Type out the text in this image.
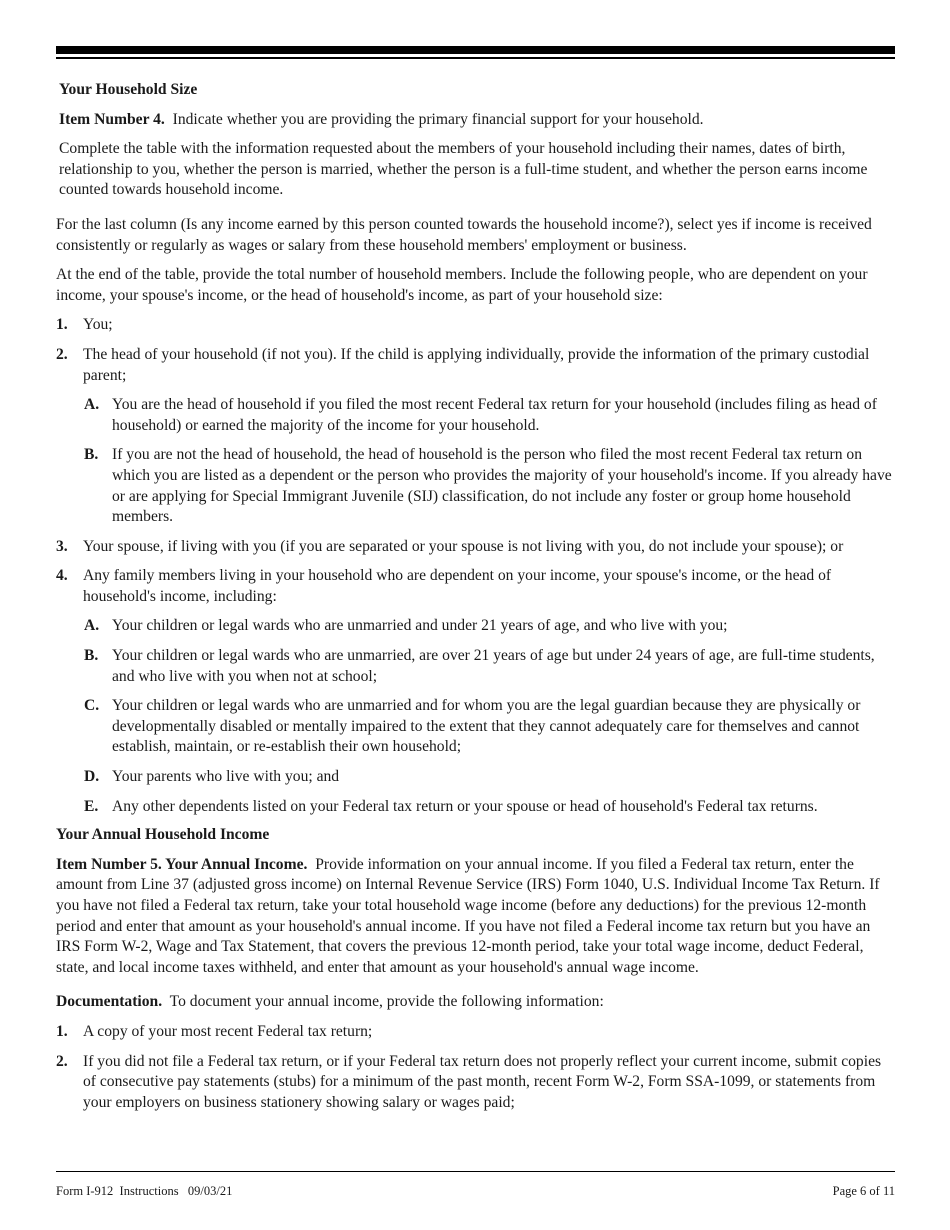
Your Household Size

Item Number 4. Indicate whether you are providing the primary financial support for your household.

Complete the table with the information requested about the members of your household including their names, dates of birth, relationship to you, whether the person is married, whether the person is a full-time student, and whether the person earns income counted towards household income.

For the last column (Is any income earned by this person counted towards the household income?), select yes if income is received consistently or regularly as wages or salary from these household members' employment or business.

At the end of the table, provide the total number of household members. Include the following people, who are dependent on your income, your spouse's income, or the head of household's income, as part of your household size:

1. You;
2. The head of your household (if not you). If the child is applying individually, provide the information of the primary custodial parent;
A. You are the head of household if you filed the most recent Federal tax return for your household (includes filing as head of household) or earned the majority of the income for your household.
B. If you are not the head of household, the head of household is the person who filed the most recent Federal tax return on which you are listed as a dependent or the person who provides the majority of your household's income. If you already have or are applying for Special Immigrant Juvenile (SIJ) classification, do not include any foster or group home household members.
3. Your spouse, if living with you (if you are separated or your spouse is not living with you, do not include your spouse); or
4. Any family members living in your household who are dependent on your income, your spouse's income, or the head of household's income, including:
A. Your children or legal wards who are unmarried and under 21 years of age, and who live with you;
B. Your children or legal wards who are unmarried, are over 21 years of age but under 24 years of age, are full-time students, and who live with you when not at school;
C. Your children or legal wards who are unmarried and for whom you are the legal guardian because they are physically or developmentally disabled or mentally impaired to the extent that they cannot adequately care for themselves and cannot establish, maintain, or re-establish their own household;
D. Your parents who live with you; and
E. Any other dependents listed on your Federal tax return or your spouse or head of household's Federal tax returns.
Your Annual Household Income

Item Number 5. Your Annual Income. Provide information on your annual income. If you filed a Federal tax return, enter the amount from Line 37 (adjusted gross income) on Internal Revenue Service (IRS) Form 1040, U.S. Individual Income Tax Return. If you have not filed a Federal tax return, take your total household wage income (before any deductions) for the previous 12-month period and enter that amount as your household's annual income. If you have not filed a Federal income tax return but you have an IRS Form W-2, Wage and Tax Statement, that covers the previous 12-month period, take your total wage income, deduct Federal, state, and local income taxes withheld, and enter that amount as your household's annual wage income.

Documentation. To document your annual income, provide the following information:

1. A copy of your most recent Federal tax return;
2. If you did not file a Federal tax return, or if your Federal tax return does not properly reflect your current income, submit copies of consecutive pay statements (stubs) for a minimum of the past month, recent Form W-2, Form SSA-1099, or statements from your employers on business stationery showing salary or wages paid;
Form I-912  Instructions   09/03/21	Page 6 of 11
